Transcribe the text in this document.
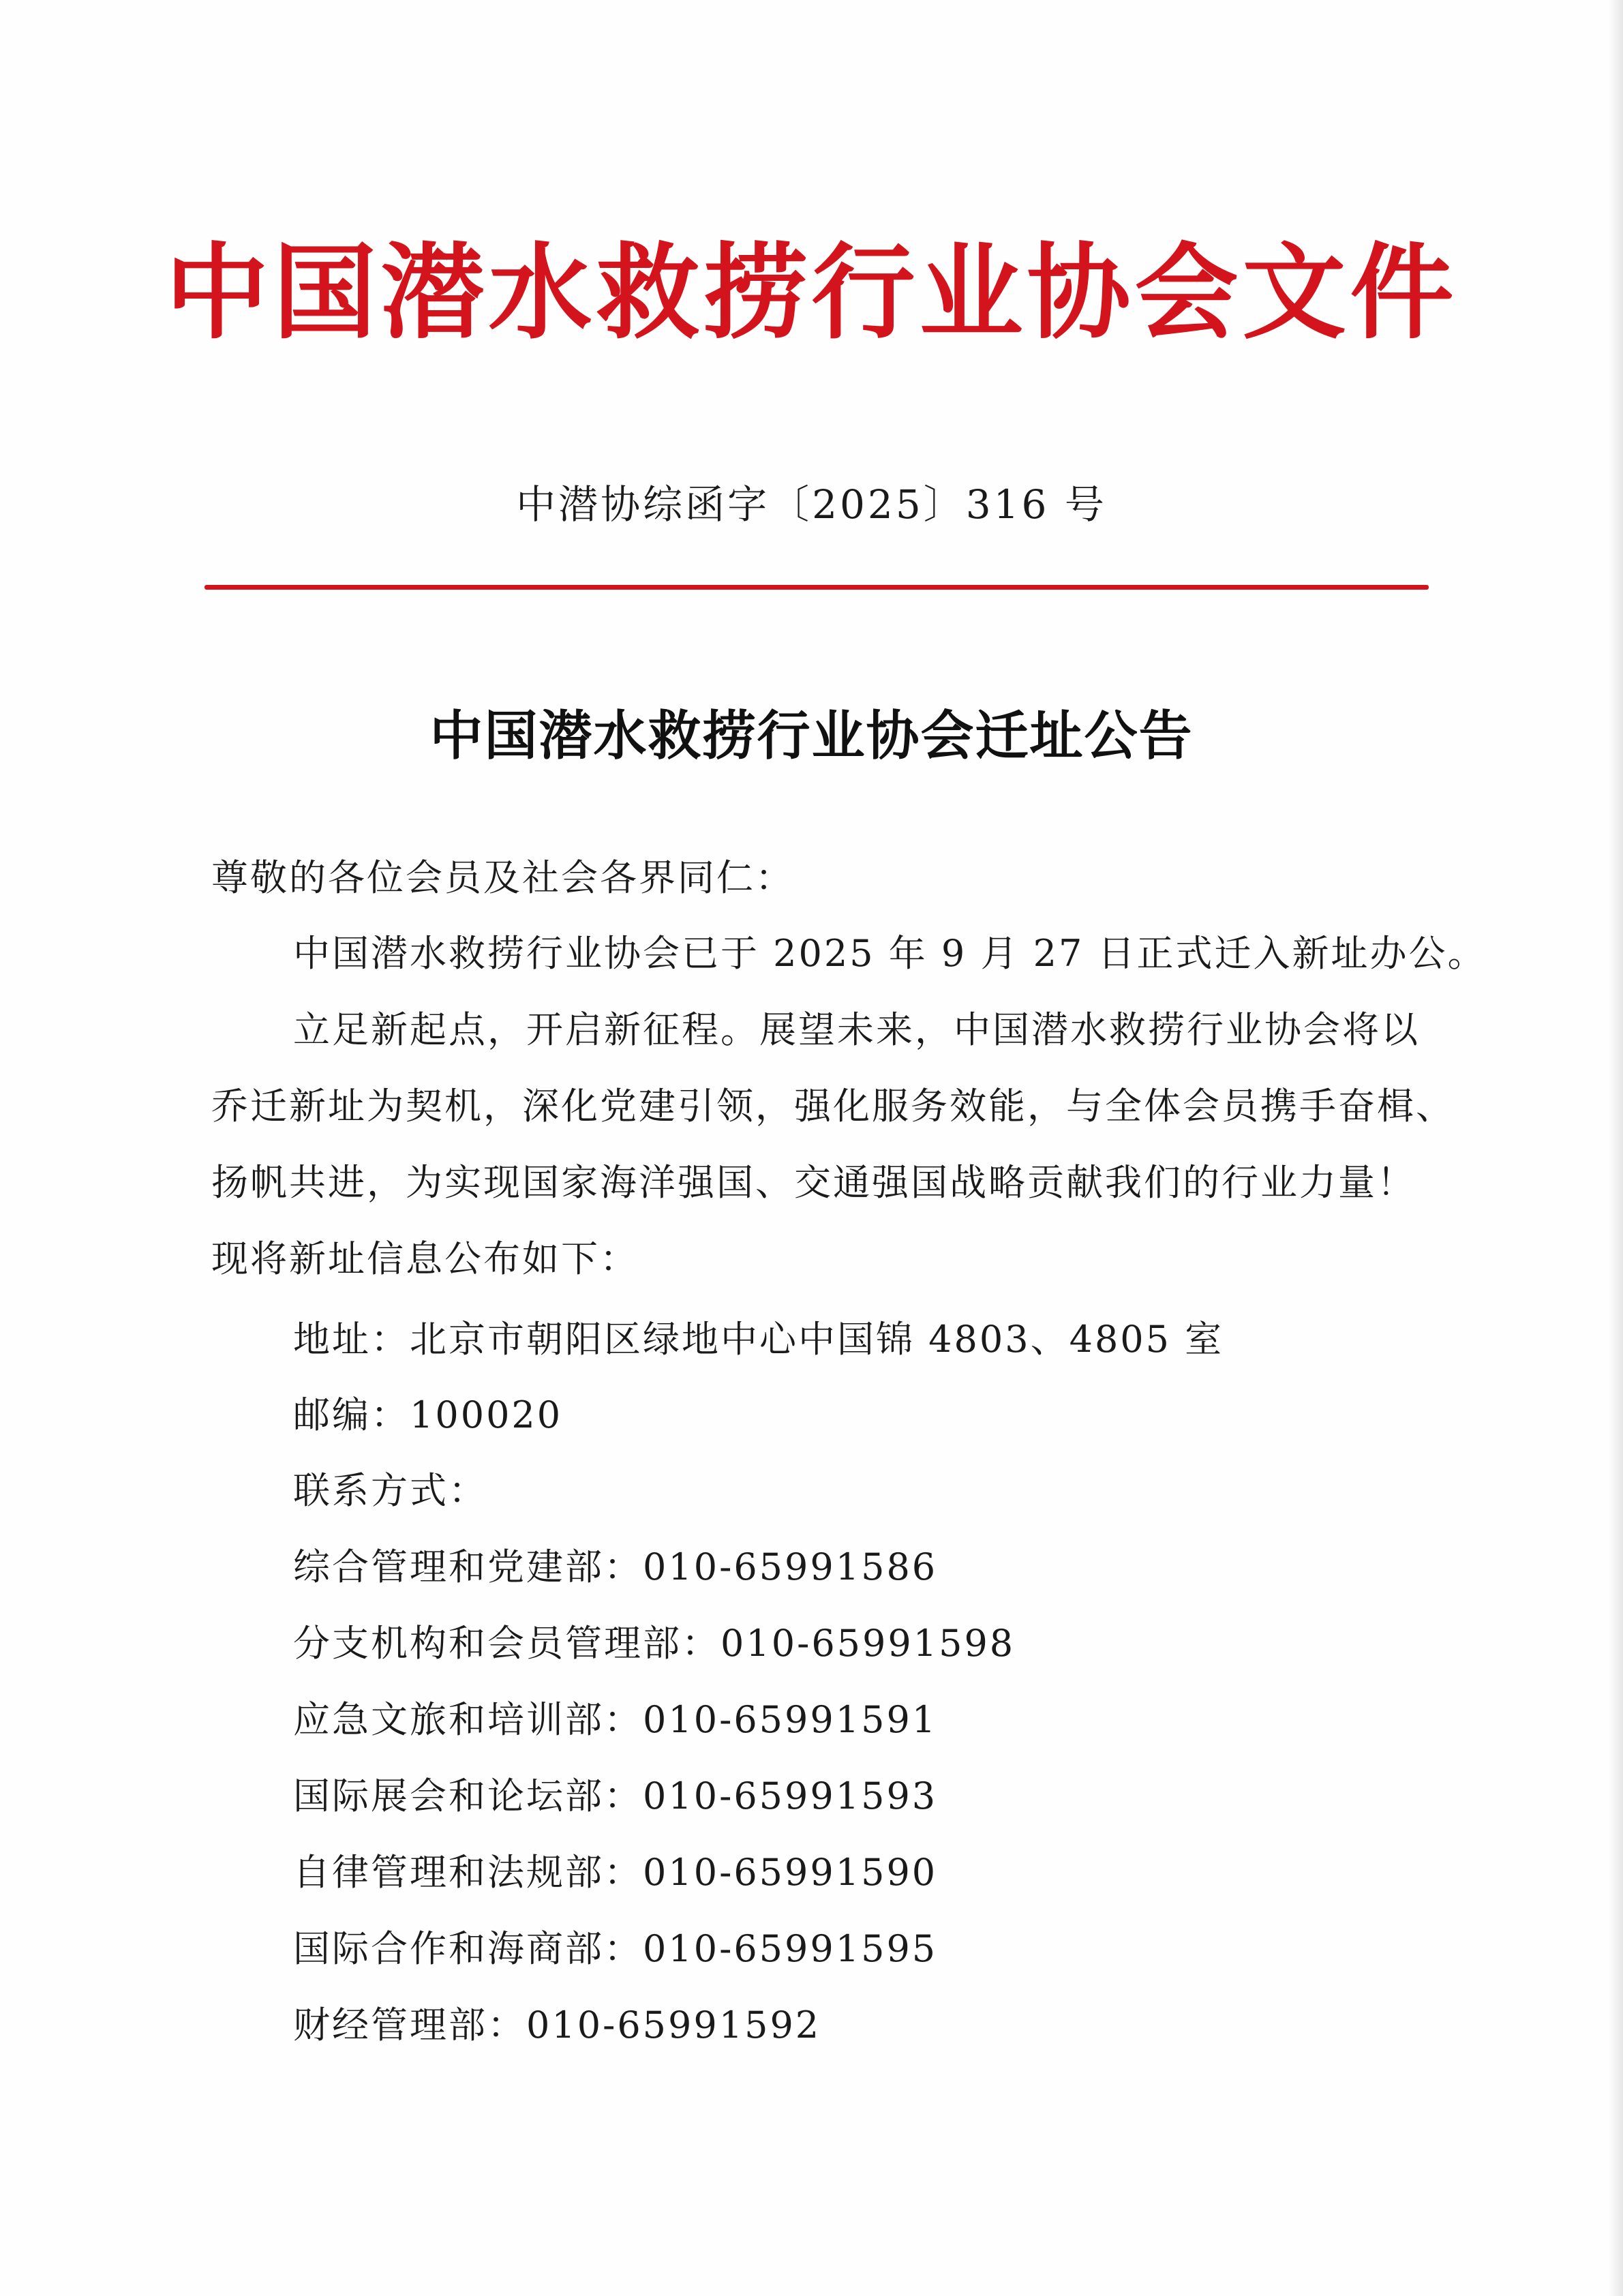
中国潜水救捞行业协会文件
中潜协综函字〔2025〕316 号
中国潜水救捞行业协会迁址公告
尊敬的各位会员及社会各界同仁：
中国潜水救捞行业协会已于 2025 年 9 月 27 日正式迁入新址办公。
立足新起点，开启新征程。展望未来，中国潜水救捞行业协会将以
乔迁新址为契机，深化党建引领，强化服务效能，与全体会员携手奋楫、
扬帆共进，为实现国家海洋强国、交通强国战略贡献我们的行业力量！
现将新址信息公布如下：
地址：北京市朝阳区绿地中心中国锦 4803、4805 室
邮编：100020
联系方式：
综合管理和党建部：010-65991586
分支机构和会员管理部：010-65991598
应急文旅和培训部：010-65991591
国际展会和论坛部：010-65991593
自律管理和法规部：010-65991590
国际合作和海商部：010-65991595
财经管理部：010-65991592
